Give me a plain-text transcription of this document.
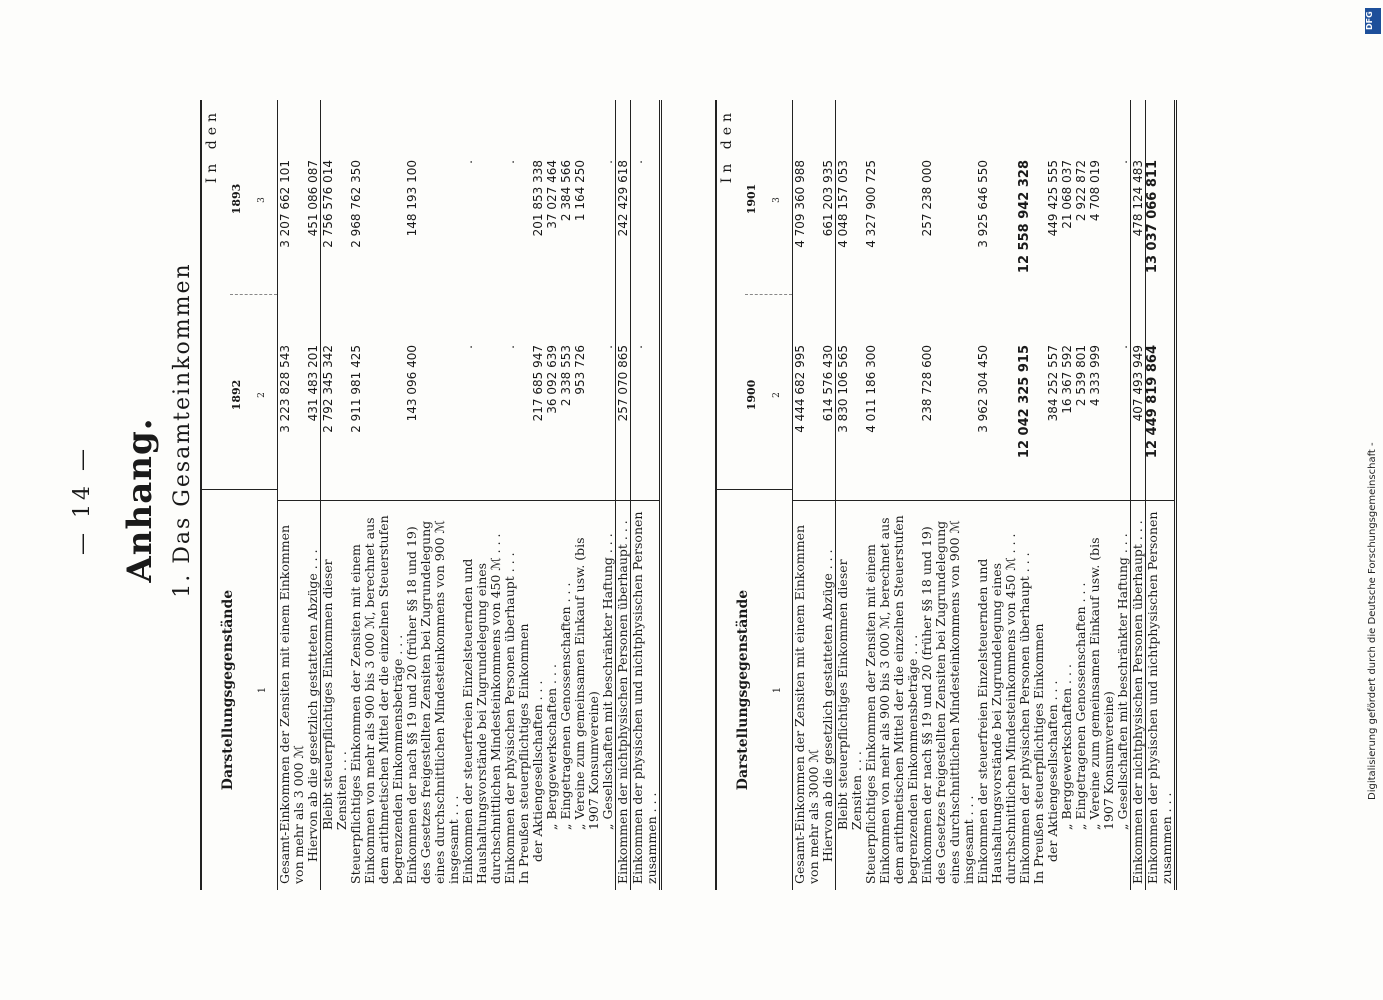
— 14 — Anhang. 1. Das Gesamteinkommen
Darstellungsgegenstände 1
In den
1892
1893
2
3
Gesamt-Einkommen der Zensiten mit einem Einkommen von mehr als 3 000 ℳ
3 223 828 543
3 207 662 101
Hiervon ab die gesetzlich gestatteten Abzüge . . .
431 483 201
451 086 087
Bleibt steuerpflichtiges Einkommen dieser Zensiten . . .
2 792 345 342
2 756 576 014
Steuerpflichtiges Einkommen der Zensiten mit einem Einkommen von mehr als 900 bis 3 000 ℳ, berechnet aus dem arithmetischen Mittel der die einzelnen Steuerstufen begrenzenden Einkommensbeträge . . .
2 911 981 425
2 968 762 350
Einkommen der nach §§ 19 und 20 (früher §§ 18 und 19) des Gesetzes freigestellten Zensiten bei Zugrundelegung eines durchschnittlichen Mindesteinkommens von 900 ℳ insgesamt . . .
143 096 400
148 193 100
Einkommen der steuerfreien Einzelsteuernden und Haushaltungsvorstände bei Zugrundelegung eines durchschnittlichen Mindesteinkommens von 450 ℳ . . .
.
.
Einkommen der physischen Personen überhaupt . . .
.
.
In Preußen steuerpflichtiges Einkommen der Aktiengesellschaften . . .
217 685 947
201 853 338
„ Berggewerkschaften . . .
36 092 639
37 027 464
„ Eingetragenen Genossenschaften . . .
2 338 553
2 384 566
„ Vereine zum gemeinsamen Einkauf usw. (bis 1907 Konsumvereine)
953 726
1 164 250
„ Gesellschaften mit beschränkter Haftung . . .
.
.
Einkommen der nichtphysischen Personen überhaupt . . .
257 070 865
242 429 618
Einkommen der physischen und nichtphysischen Personen zusammen . . .
.
.
Darstellungsgegenstände 1
In den
1900
1901
2
3
Gesamt-Einkommen der Zensiten mit einem Einkommen von mehr als 3000 ℳ
4 444 682 995
4 709 360 988
Hiervon ab die gesetzlich gestatteten Abzüge . . .
614 576 430
661 203 935
Bleibt steuerpflichtiges Einkommen dieser Zensiten . . .
3 830 106 565
4 048 157 053
Steuerpflichtiges Einkommen der Zensiten mit einem Einkommen von mehr als 900 bis 3 000 ℳ, berechnet aus dem arithmetischen Mittel der die einzelnen Steuerstufen begrenzenden Einkommensbeträge . . .
4 011 186 300
4 327 900 725
Einkommen der nach §§ 19 und 20 (früher §§ 18 und 19) des Gesetzes freigestellten Zensiten bei Zugrundelegung eines durchschnittlichen Mindesteinkommens von 900 ℳ insgesamt . . .
238 728 600
257 238 000
Einkommen der steuerfreien Einzelsteuernden und Haushaltungsvorstände bei Zugrundelegung eines durchschnittlichen Mindesteinkommens von 450 ℳ . . .
3 962 304 450
3 925 646 550
Einkommen der physischen Personen überhaupt . . .
12 042 325 915
12 558 942 328
In Preußen steuerpflichtiges Einkommen der Aktiengesellschaften . . .
384 252 557
449 425 555
„ Berggewerkschaften . . .
16 367 592
21 068 037
„ Eingetragenen Genossenschaften . . .
2 539 801
2 922 872
„ Vereine zum gemeinsamen Einkauf usw. (bis 1907 Konsumvereine)
4 333 999
4 708 019
„ Gesellschaften mit beschränkter Haftung . . .
.
.
Einkommen der nichtphysischen Personen überhaupt . . .
407 493 949
478 124 483
Einkommen der physischen und nichtphysischen Personen zusammen . . .
12 449 819 864
13 037 066 811
DFG
Digitalisierung gefördert durch die Deutsche Forschungsgemeinschaft -
